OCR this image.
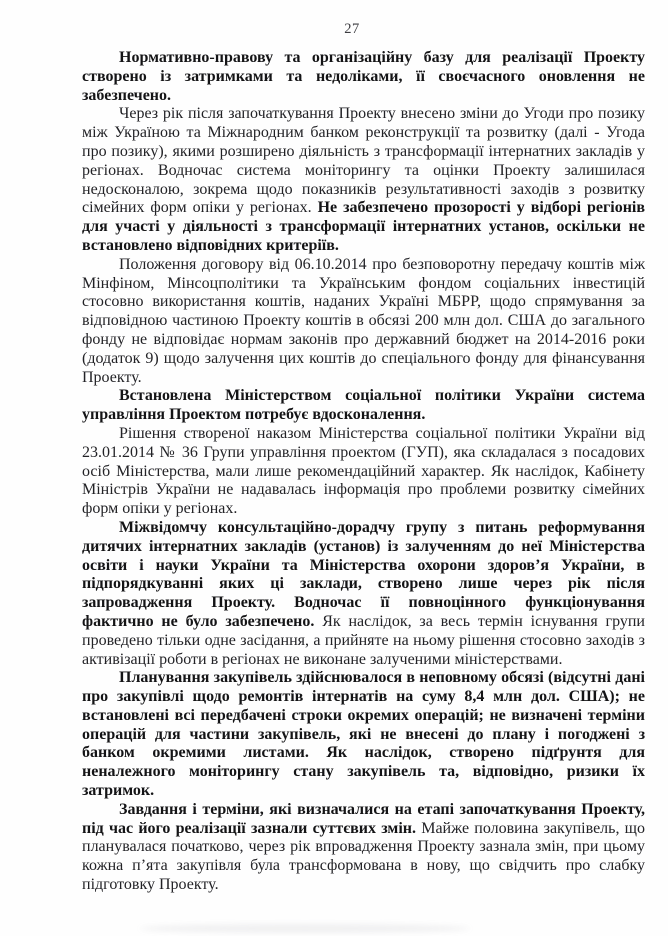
27

Нормативно-правову та організаційну базу для реалізації Проекту створено із затримками та недоліками, її своєчасного оновлення не забезпечено.

Через рік після започаткування Проекту внесено зміни до Угоди про позику між Україною та Міжнародним банком реконструкції та розвитку (далі - Угода про позику), якими розширено діяльність з трансформації інтернатних закладів у регіонах. Водночас система моніторингу та оцінки Проекту залишилася недосконалою, зокрема щодо показників результативності заходів з розвитку сімейних форм опіки у регіонах. Не забезпечено прозорості у відборі регіонів для участі у діяльності з трансформації інтернатних установ, оскільки не встановлено відповідних критеріїв.

Положення договору від 06.10.2014 про безповоротну передачу коштів між Мінфіном, Мінсоцполітики та Українським фондом соціальних інвестицій стосовно використання коштів, наданих Україні МБРР, щодо спрямування за відповідною частиною Проекту коштів в обсязі 200 млн дол. США до загального фонду не відповідає нормам законів про державний бюджет на 2014-2016 роки (додаток 9) щодо залучення цих коштів до спеціального фонду для фінансування Проекту.

Встановлена Міністерством соціальної політики України система управління Проектом потребує вдосконалення.

Рішення створеної наказом Міністерства соціальної політики України від 23.01.2014 № 36 Групи управління проектом (ГУП), яка складалася з посадових осіб Міністерства, мали лише рекомендаційний характер. Як наслідок, Кабінету Міністрів України не надавалась інформація про проблеми розвитку сімейних форм опіки у регіонах.

Міжвідомчу консультаційно-дорадчу групу з питань реформування дитячих інтернатних закладів (установ) із залученням до неї Міністерства освіти і науки України та Міністерства охорони здоров’я України, в підпорядкуванні яких ці заклади, створено лише через рік після запровадження Проекту. Водночас її повноцінного функціонування фактично не було забезпечено. Як наслідок, за весь термін існування групи проведено тільки одне засідання, а прийняте на ньому рішення стосовно заходів з активізації роботи в регіонах не виконане залученими міністерствами.

Планування закупівель здійснювалося в неповному обсязі (відсутні дані про закупівлі щодо ремонтів інтернатів на суму 8,4 млн дол. США); не встановлені всі передбачені строки окремих операцій; не визначені терміни операцій для частини закупівель, які не внесені до плану і погоджені з банком окремими листами. Як наслідок, створено підґрунтя для неналежного моніторингу стану закупівель та, відповідно, ризики їх затримок.

Завдання і терміни, які визначалися на етапі започаткування Проекту, під час його реалізації зазнали суттєвих змін. Майже половина закупівель, що планувалася початково, через рік впровадження Проекту зазнала змін, при цьому кожна п’ята закупівля була трансформована в нову, що свідчить про слабку підготовку Проекту.
